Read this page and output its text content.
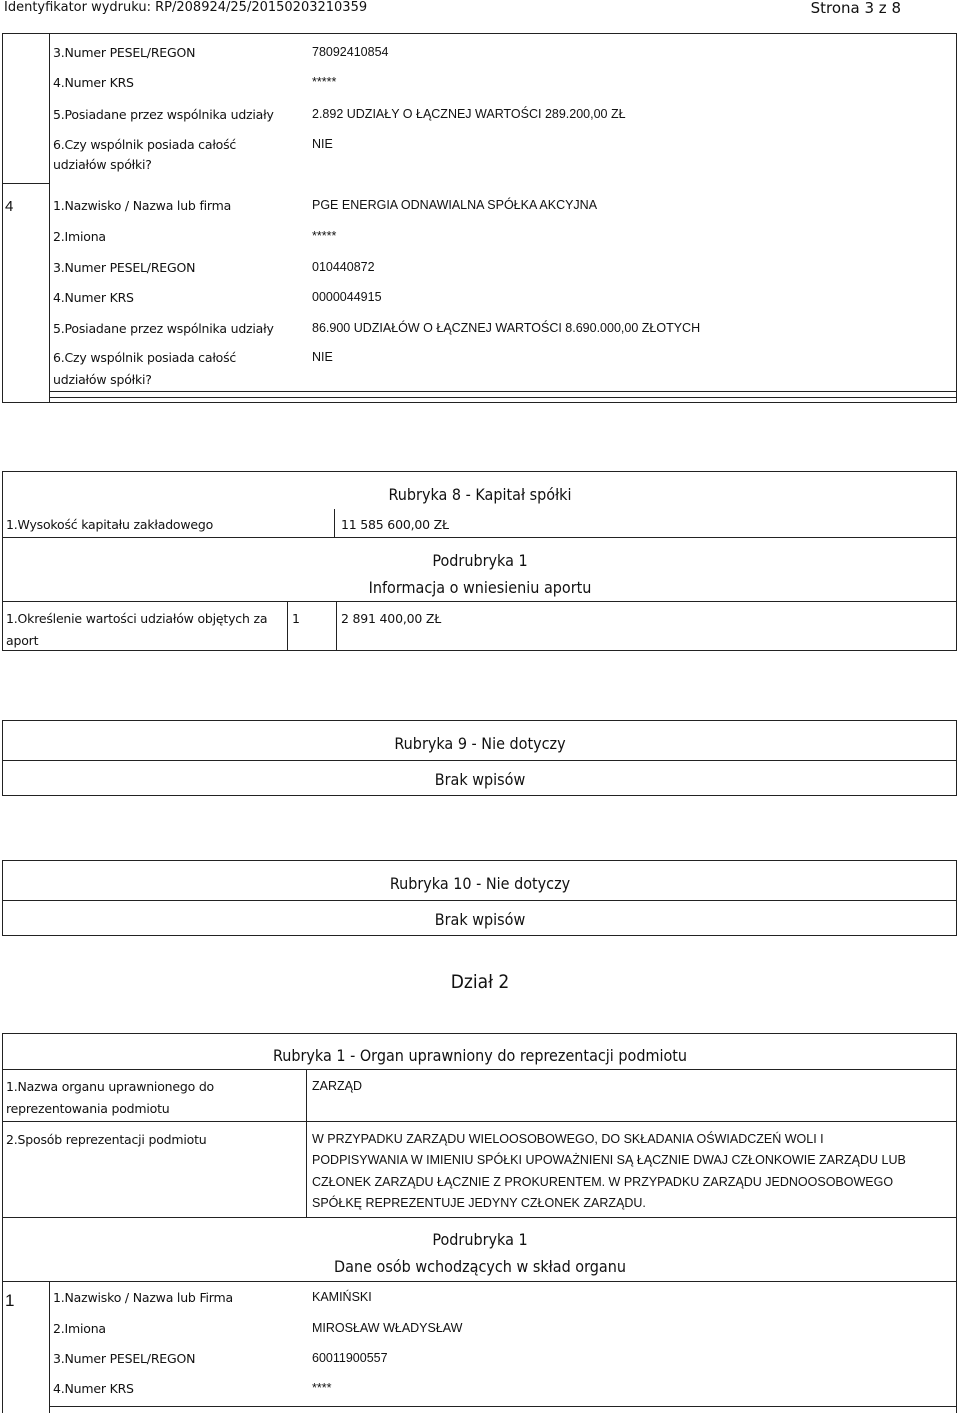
Identyfikator wydruku: RP/208924/25/20150203210359	Strona 3 z 8
3.Numer PESEL/REGON	78092410854
4.Numer KRS	*****
5.Posiadane przez wspólnika udziały	2.892 UDZIAŁY O ŁĄCZNEJ WARTOŚCI 289.200,00 ZŁ
6.Czy wspólnik posiada całość
udziałów spółki?
NIE
4	1.Nazwisko / Nazwa lub firma	PGE ENERGIA ODNAWIALNA SPÓŁKA AKCYJNA
2.Imiona	*****
3.Numer PESEL/REGON	010440872
4.Numer KRS	0000044915
5.Posiadane przez wspólnika udziały	86.900 UDZIAŁÓW O ŁĄCZNEJ WARTOŚCI 8.690.000,00 ZŁOTYCH
6.Czy wspólnik posiada całość
udziałów spółki?
NIE
Rubryka 8 - Kapitał spółki
1.Wysokość kapitału zakładowego	11 585 600,00 ZŁ
Podrubryka 1
Informacja o wniesieniu aportu
1.Określenie wartości udziałów objętych za
aport
1	2 891 400,00 ZŁ
Rubryka 9 - Nie dotyczy
Brak wpisów
Rubryka 10 - Nie dotyczy
Brak wpisów
Dział 2
Rubryka 1 - Organ uprawniony do reprezentacji podmiotu
1.Nazwa organu uprawnionego do
reprezentowania podmiotu
ZARZĄD
2.Sposób reprezentacji podmiotu	W PRZYPADKU ZARZĄDU WIELOOSOBOWEGO, DO SKŁADANIA OŚWIADCZEŃ WOLI I
PODPISYWANIA W IMIENIU SPÓŁKI UPOWAŻNIENI SĄ ŁĄCZNIE DWAJ CZŁONKOWIE ZARZĄDU LUB
CZŁONEK ZARZĄDU ŁĄCZNIE Z PROKURENTEM. W PRZYPADKU ZARZĄDU JEDNOOSOBOWEGO
SPÓŁKĘ REPREZENTUJE JEDYNY CZŁONEK ZARZĄDU.
Podrubryka 1
Dane osób wchodzących w skład organu
1	1.Nazwisko / Nazwa lub Firma	KAMIŃSKI
2.Imiona	MIROSŁAW WŁADYSŁAW
3.Numer PESEL/REGON	60011900557
4.Numer KRS	****
